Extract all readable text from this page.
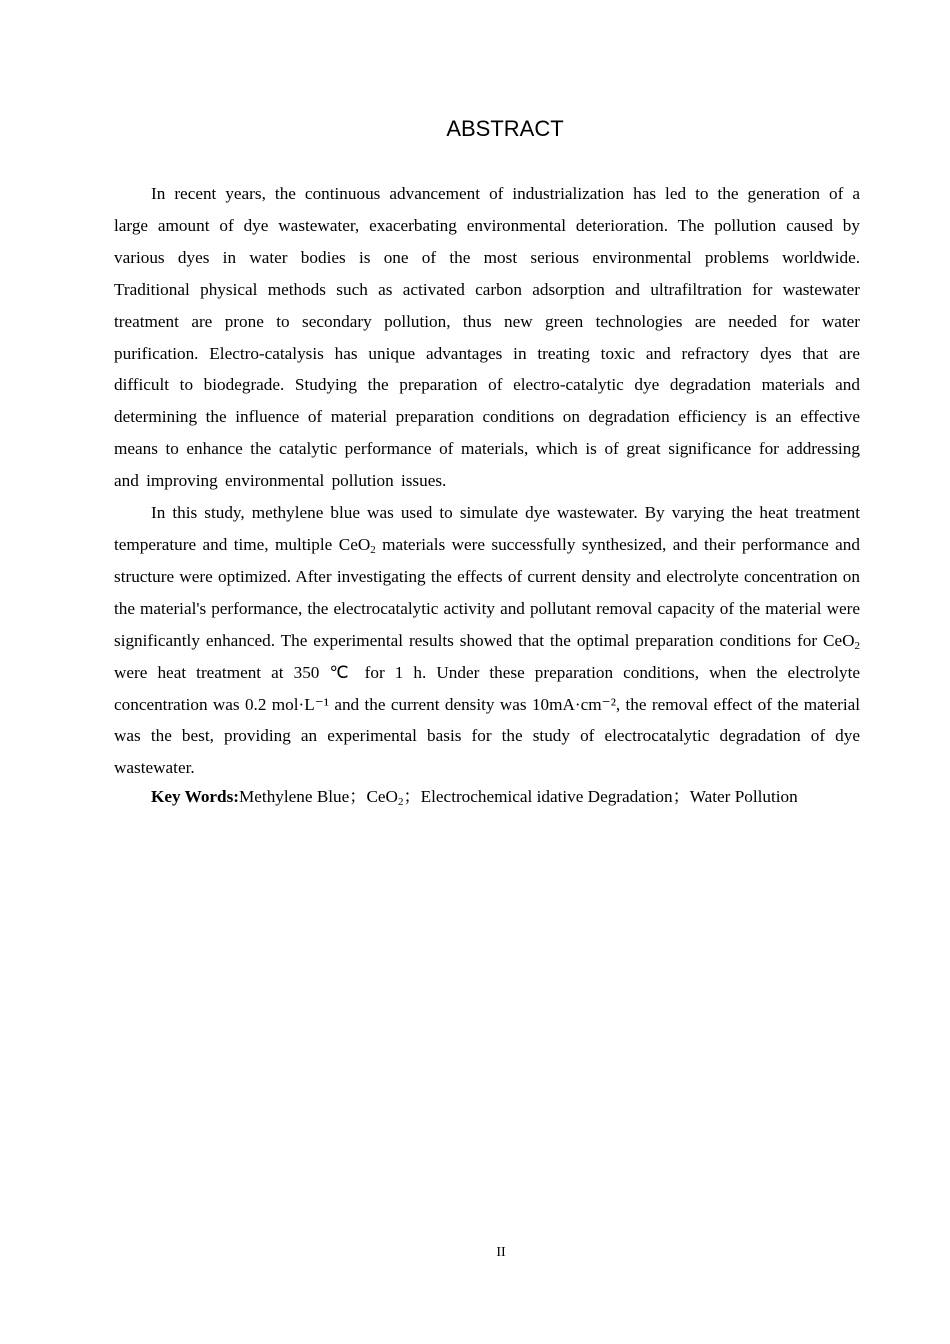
ABSTRACT

In recent years, the continuous advancement of industrialization has led to the generation of a large amount of dye wastewater, exacerbating environmental deterioration. The pollution caused by various dyes in water bodies is one of the most serious environmental problems worldwide. Traditional physical methods such as activated carbon adsorption and ultrafiltration for wastewater treatment are prone to secondary pollution, thus new green technologies are needed for water purification. Electro-catalysis has unique advantages in treating toxic and refractory dyes that are difficult to biodegrade. Studying the preparation of electro-catalytic dye degradation materials and determining the influence of material preparation conditions on degradation efficiency is an effective means to enhance the catalytic performance of materials, which is of great significance for addressing and improving environmental pollution issues.

In this study, methylene blue was used to simulate dye wastewater. By varying the heat treatment temperature and time, multiple CeO$_2$ materials were successfully synthesized, and their performance and structure were optimized. After investigating the effects of current density and electrolyte concentration on the material's performance, the electrocatalytic activity and pollutant removal capacity of the material were significantly enhanced. The experimental results showed that the optimal preparation conditions for CeO$_2$ were heat treatment at 350 ℃ for 1 h. Under these preparation conditions, when the electrolyte concentration was 0.2 mol·L⁻¹ and the current density was 10mA·cm⁻², the removal effect of the material was the best, providing an experimental basis for the study of electrocatalytic degradation of dye wastewater.

Key Words:Methylene Blue；CeO$_2$；Electrochemical idative Degradation；Water Pollution

II
